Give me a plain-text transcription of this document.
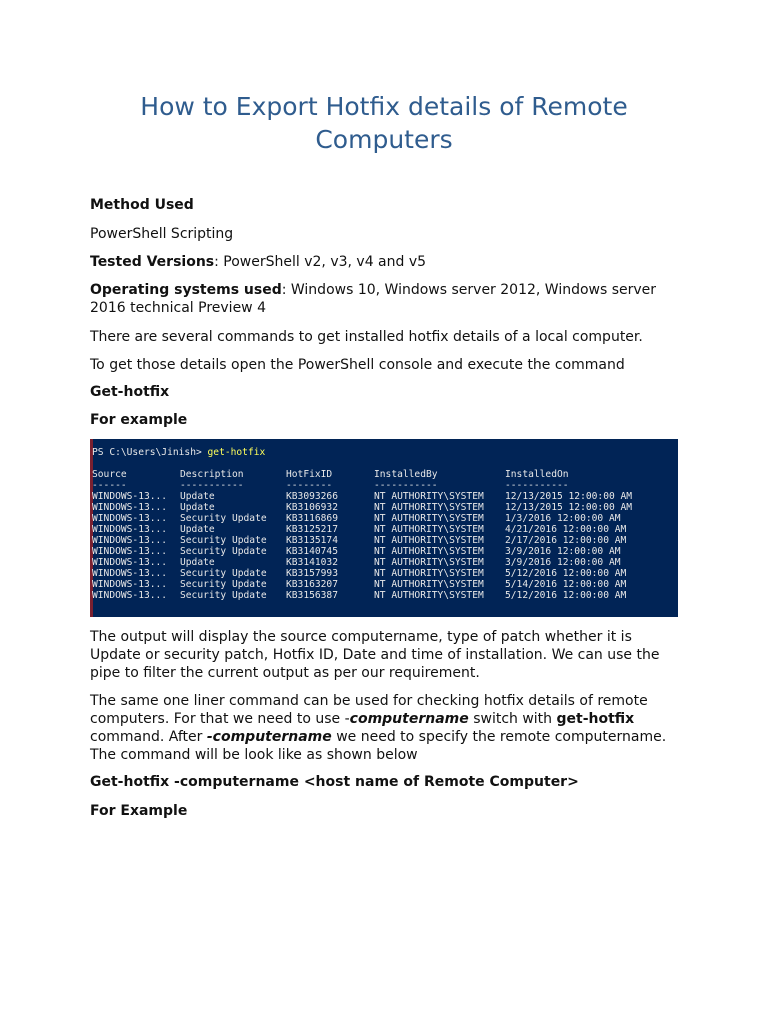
How to Export Hotfix details of Remote Computers

Method Used

PowerShell Scripting

Tested Versions: PowerShell v2, v3, v4 and v5

Operating systems used: Windows 10, Windows server 2012, Windows server 2016 technical Preview 4

There are several commands to get installed hotfix details of a local computer.

To get those details open the PowerShell console and execute the command

Get-hotfix

For example

PS C:\Users\Jinish> get-hotfix
Source	Description	HotFixID	InstalledBy	InstalledOn
------	-----------	--------	-----------	-----------
WINDOWS-13...	Update	KB3093266	NT AUTHORITY\SYSTEM	12/13/2015 12:00:00 AM
WINDOWS-13...	Update	KB3106932	NT AUTHORITY\SYSTEM	12/13/2015 12:00:00 AM
WINDOWS-13...	Security Update	KB3116869	NT AUTHORITY\SYSTEM	1/3/2016 12:00:00 AM
WINDOWS-13...	Update	KB3125217	NT AUTHORITY\SYSTEM	4/21/2016 12:00:00 AM
WINDOWS-13...	Security Update	KB3135174	NT AUTHORITY\SYSTEM	2/17/2016 12:00:00 AM
WINDOWS-13...	Security Update	KB3140745	NT AUTHORITY\SYSTEM	3/9/2016 12:00:00 AM
WINDOWS-13...	Update	KB3141032	NT AUTHORITY\SYSTEM	3/9/2016 12:00:00 AM
WINDOWS-13...	Security Update	KB3157993	NT AUTHORITY\SYSTEM	5/12/2016 12:00:00 AM
WINDOWS-13...	Security Update	KB3163207	NT AUTHORITY\SYSTEM	5/14/2016 12:00:00 AM
WINDOWS-13...	Security Update	KB3156387	NT AUTHORITY\SYSTEM	5/12/2016 12:00:00 AM

The output will display the source computername, type of patch whether it is Update or security patch, Hotfix ID, Date and time of installation. We can use the pipe to filter the current output as per our requirement.

The same one liner command can be used for checking hotfix details of remote computers. For that we need to use -computername switch with get-hotfix command. After -computername we need to specify the remote computername. The command will be look like as shown below

Get-hotfix -computername <host name of Remote Computer>

For Example
